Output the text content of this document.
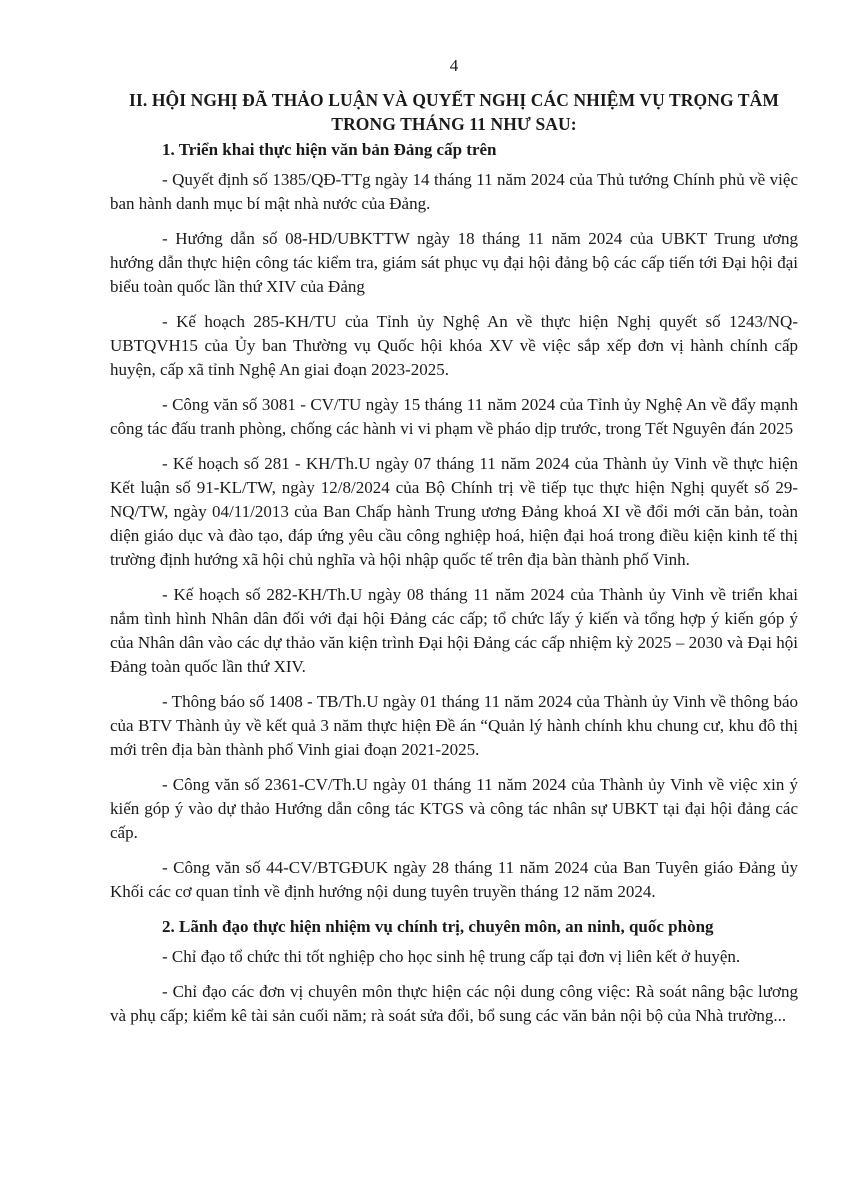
4
II. HỘI NGHỊ ĐÃ THẢO LUẬN VÀ QUYẾT NGHỊ CÁC NHIỆM VỤ TRỌNG TÂM TRONG THÁNG 11 NHƯ SAU:
1. Triển khai thực hiện văn bản Đảng cấp trên

- Quyết định số 1385/QĐ-TTg ngày 14 tháng 11 năm 2024 của Thủ tướng Chính phủ về việc ban hành danh mục bí mật nhà nước của Đảng.

- Hướng dẫn số 08-HD/UBKTTW ngày 18 tháng 11 năm 2024 của UBKT Trung ương hướng dẫn thực hiện công tác kiểm tra, giám sát phục vụ đại hội đảng bộ các cấp tiến tới Đại hội đại biểu toàn quốc lần thứ XIV của Đảng

- Kế hoạch 285-KH/TU của Tỉnh ủy Nghệ An về thực hiện Nghị quyết số 1243/NQ-UBTQVH15 của Ủy ban Thường vụ Quốc hội khóa XV về việc sắp xếp đơn vị hành chính cấp huyện, cấp xã tỉnh Nghệ An giai đoạn 2023-2025.

- Công văn số 3081 - CV/TU ngày 15 tháng 11 năm 2024 của Tỉnh ủy Nghệ An về đẩy mạnh công tác đấu tranh phòng, chống các hành vi vi phạm về pháo dịp trước, trong Tết Nguyên đán 2025

- Kế hoạch số 281 - KH/Th.U ngày 07 tháng 11 năm 2024 của Thành ủy Vinh về thực hiện Kết luận số 91-KL/TW, ngày 12/8/2024 của Bộ Chính trị về tiếp tục thực hiện Nghị quyết số 29-NQ/TW, ngày 04/11/2013 của Ban Chấp hành Trung ương Đảng khoá XI về đổi mới căn bản, toàn diện giáo dục và đào tạo, đáp ứng yêu cầu công nghiệp hoá, hiện đại hoá trong điều kiện kinh tế thị trường định hướng xã hội chủ nghĩa và hội nhập quốc tế trên địa bàn thành phố Vinh.

- Kế hoạch số 282-KH/Th.U ngày 08 tháng 11 năm 2024 của Thành ủy Vinh về triển khai nắm tình hình Nhân dân đối với đại hội Đảng các cấp; tổ chức lấy ý kiến và tổng hợp ý kiến góp ý của Nhân dân vào các dự thảo văn kiện trình Đại hội Đảng các cấp nhiệm kỳ 2025 – 2030 và Đại hội Đảng toàn quốc lần thứ XIV.

- Thông báo số 1408 - TB/Th.U ngày 01 tháng 11 năm 2024 của Thành ủy Vinh về thông báo của BTV Thành ủy về kết quả 3 năm thực hiện Đề án “Quản lý hành chính khu chung cư, khu đô thị mới trên địa bàn thành phố Vinh giai đoạn 2021-2025.

- Công văn số 2361-CV/Th.U ngày 01 tháng 11 năm 2024 của Thành ủy Vinh về việc xin ý kiến góp ý vào dự thảo Hướng dẫn công tác KTGS và công tác nhân sự UBKT tại đại hội đảng các cấp.

- Công văn số 44-CV/BTGĐUK ngày 28 tháng 11 năm 2024 của Ban Tuyên giáo Đảng ủy Khối các cơ quan tỉnh về định hướng nội dung tuyên truyền tháng 12 năm 2024.

2. Lãnh đạo thực hiện nhiệm vụ chính trị, chuyên môn, an ninh, quốc phòng

- Chỉ đạo tổ chức thi tốt nghiệp cho học sinh hệ trung cấp tại đơn vị liên kết ở huyện.

- Chỉ đạo các đơn vị chuyên môn thực hiện các nội dung công việc: Rà soát nâng bậc lương và phụ cấp; kiểm kê tài sản cuối năm; rà soát sửa đổi, bổ sung các văn bản nội bộ của Nhà trường...
